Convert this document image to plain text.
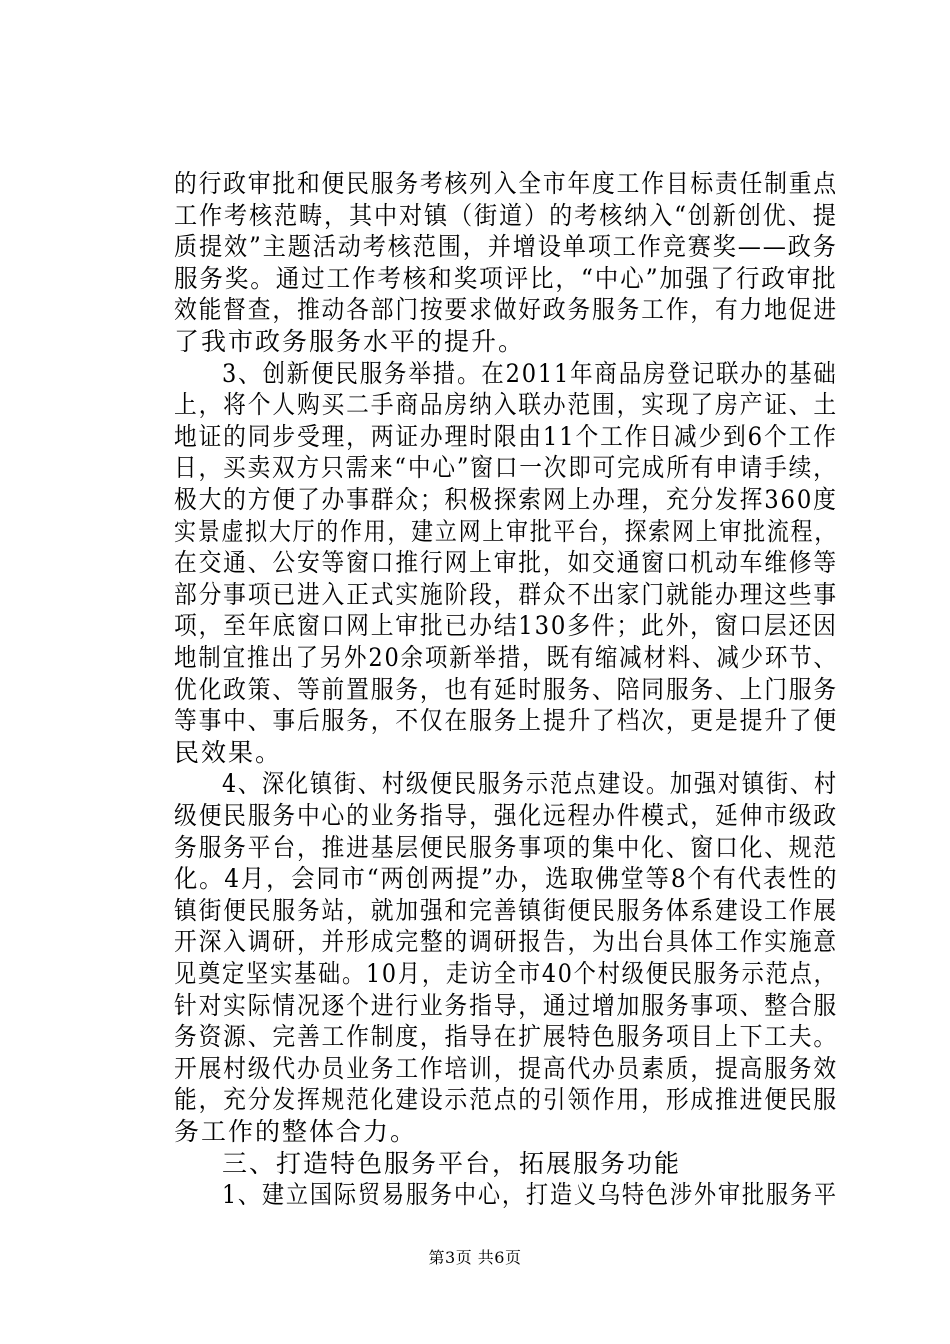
的行政审批和便民服务考核列入全市年度工作目标责任制重点
工作考核范畴，其中对镇（街道）的考核纳入“创新创优、提
质提效”主题活动考核范围，并增设单项工作竞赛奖——政务
服务奖。通过工作考核和奖项评比，“中心”加强了行政审批
效能督查，推动各部门按要求做好政务服务工作，有力地促进
了我市政务服务水平的提升。
3、创新便民服务举措。在2011年商品房登记联办的基础
上，将个人购买二手商品房纳入联办范围，实现了房产证、土
地证的同步受理，两证办理时限由11个工作日减少到6个工作
日，买卖双方只需来“中心”窗口一次即可完成所有申请手续，
极大的方便了办事群众；积极探索网上办理，充分发挥360度
实景虚拟大厅的作用，建立网上审批平台，探索网上审批流程，
在交通、公安等窗口推行网上审批，如交通窗口机动车维修等
部分事项已进入正式实施阶段，群众不出家门就能办理这些事
项，至年底窗口网上审批已办结130多件；此外，窗口层还因
地制宜推出了另外20余项新举措，既有缩减材料、减少环节、
优化政策、等前置服务，也有延时服务、陪同服务、上门服务
等事中、事后服务，不仅在服务上提升了档次，更是提升了便
民效果。
4、深化镇街、村级便民服务示范点建设。加强对镇街、村
级便民服务中心的业务指导，强化远程办件模式，延伸市级政
务服务平台，推进基层便民服务事项的集中化、窗口化、规范
化。4月，会同市“两创两提”办，选取佛堂等8个有代表性的
镇街便民服务站，就加强和完善镇街便民服务体系建设工作展
开深入调研，并形成完整的调研报告，为出台具体工作实施意
见奠定坚实基础。10月，走访全市40个村级便民服务示范点，
针对实际情况逐个进行业务指导，通过增加服务事项、整合服
务资源、完善工作制度，指导在扩展特色服务项目上下工夫。
开展村级代办员业务工作培训，提高代办员素质，提高服务效
能，充分发挥规范化建设示范点的引领作用，形成推进便民服
务工作的整体合力。
三、打造特色服务平台，拓展服务功能
1、建立国际贸易服务中心，打造义乌特色涉外审批服务平
第3页 共6页
